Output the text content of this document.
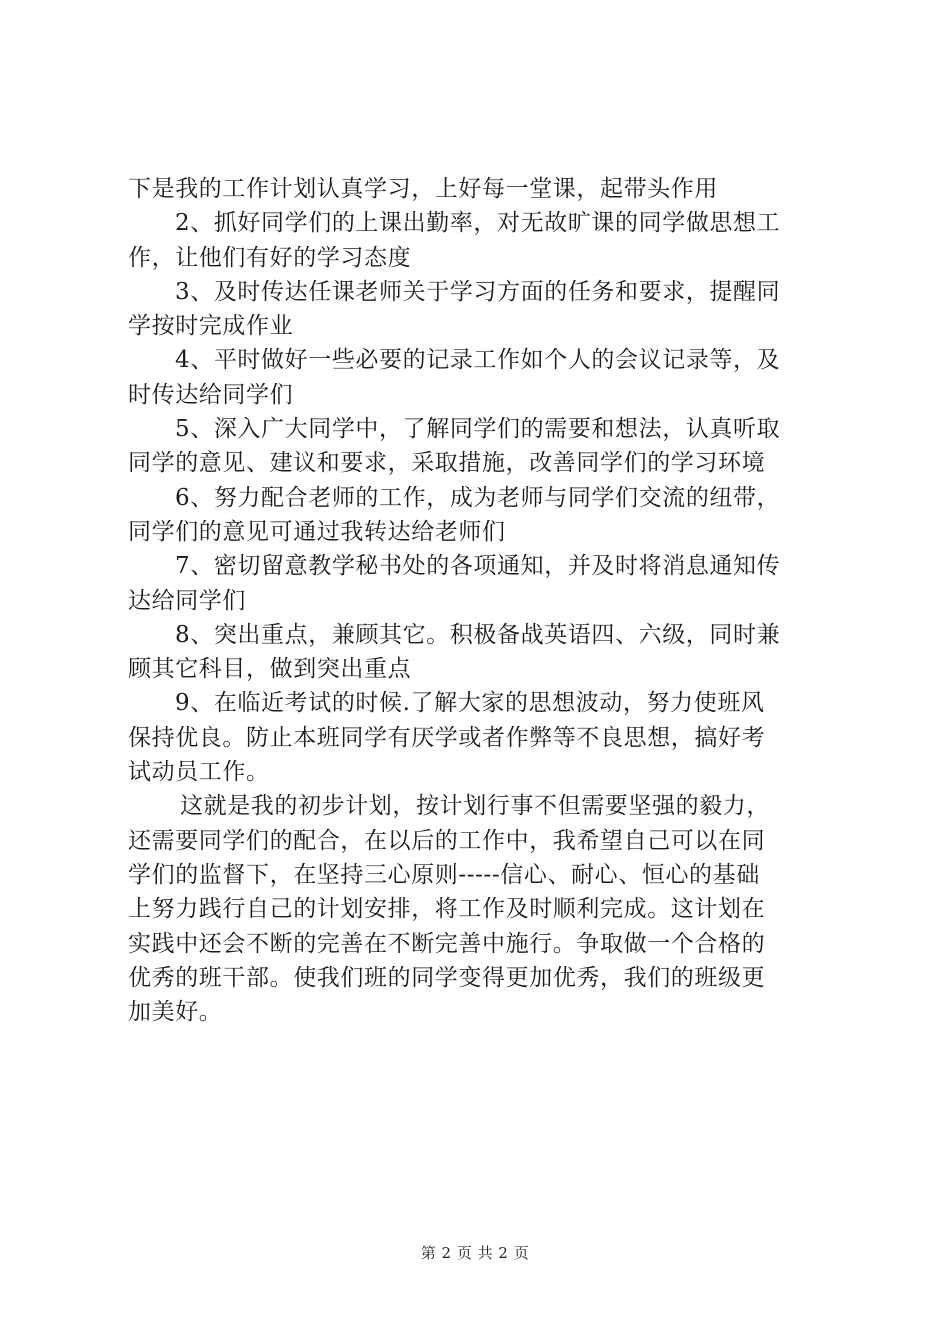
下是我的工作计划认真学习，上好每一堂课，起带头作用
2、抓好同学们的上课出勤率，对无故旷课的同学做思想工
作，让他们有好的学习态度
3、及时传达任课老师关于学习方面的任务和要求，提醒同
学按时完成作业
4、平时做好一些必要的记录工作如个人的会议记录等，及
时传达给同学们
5、深入广大同学中，了解同学们的需要和想法，认真听取
同学的意见、建议和要求，采取措施，改善同学们的学习环境
6、努力配合老师的工作，成为老师与同学们交流的纽带，
同学们的意见可通过我转达给老师们
7、密切留意教学秘书处的各项通知，并及时将消息通知传
达给同学们
8、突出重点，兼顾其它。积极备战英语四、六级，同时兼
顾其它科目，做到突出重点
9、在临近考试的时候.了解大家的思想波动，努力使班风
保持优良。防止本班同学有厌学或者作弊等不良思想，搞好考
试动员工作。
这就是我的初步计划，按计划行事不但需要坚强的毅力，
还需要同学们的配合，在以后的工作中，我希望自己可以在同
学们的监督下，在坚持三心原则-----信心、耐心、恒心的基础
上努力践行自己的计划安排，将工作及时顺利完成。这计划在
实践中还会不断的完善在不断完善中施行。争取做一个合格的
优秀的班干部。使我们班的同学变得更加优秀，我们的班级更
加美好。
第 2 页 共 2 页
